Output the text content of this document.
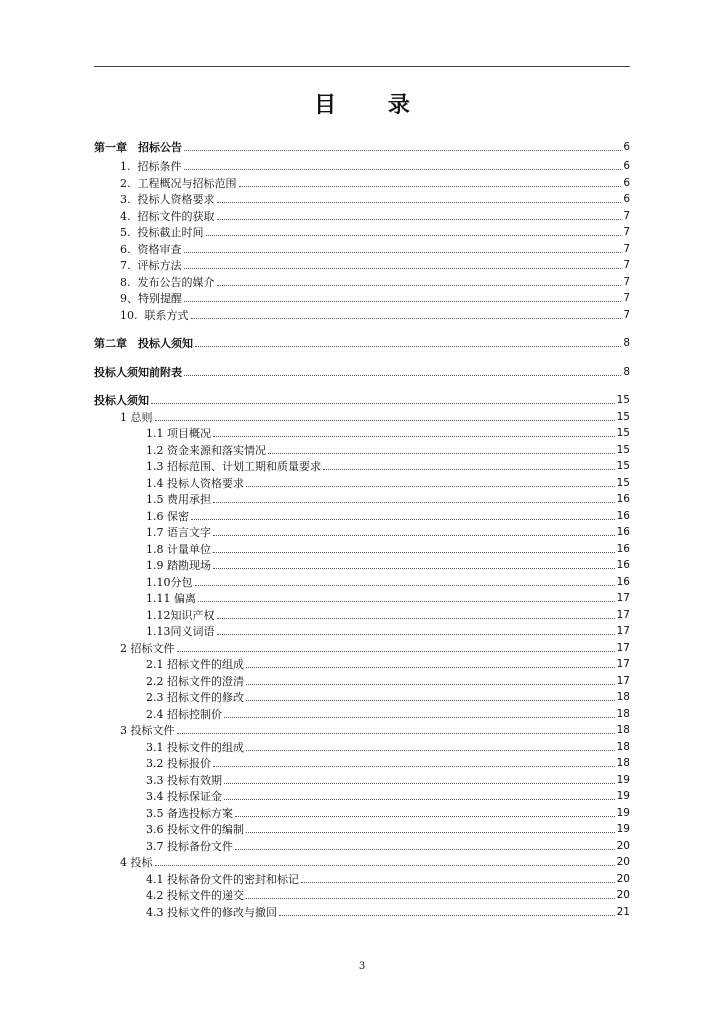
目 录
第一章　招标公告	6
1.  招标条件	6
2.  工程概况与招标范围	6
3.  投标人资格要求	6
4.  招标文件的获取	7
5.  投标截止时间	7
6.  资格审查	7
7.  评标方法	7
8.  发布公告的媒介	7
9、特别提醒	7
10.  联系方式	7
第二章　投标人须知	8
投标人须知前附表	8
投标人须知	15
1 总则	15
1.1 项目概况	15
1.2 资金来源和落实情况	15
1.3 招标范围、计划工期和质量要求	15
1.4 投标人资格要求	15
1.5 费用承担	16
1.6 保密	16
1.7 语言文字	16
1.8 计量单位	16
1.9 踏勘现场	16
1.10分包	16
1.11 偏离	17
1.12知识产权	17
1.13同义词语	17
2 招标文件	17
2.1 招标文件的组成	17
2.2 招标文件的澄清	17
2.3 招标文件的修改	18
2.4 招标控制价	18
3 投标文件	18
3.1 投标文件的组成	18
3.2 投标报价	18
3.3 投标有效期	19
3.4 投标保证金	19
3.5 备选投标方案	19
3.6 投标文件的编制	19
3.7 投标备份文件	20
4 投标	20
4.1 投标备份文件的密封和标记	20
4.2 投标文件的递交	20
4.3 投标文件的修改与撤回	21
3
